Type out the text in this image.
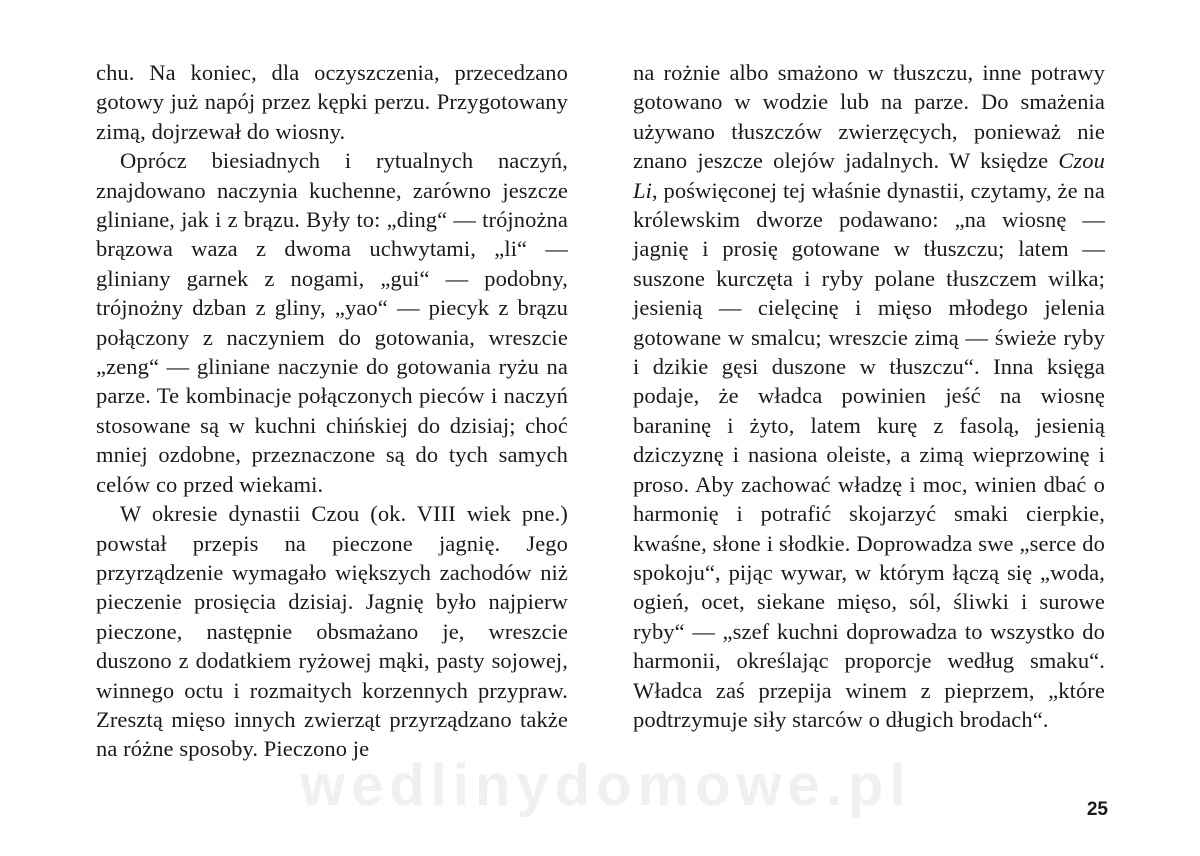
chu. Na koniec, dla oczyszczenia, przecedzano gotowy już napój przez kępki perzu. Przygotowany zimą, dojrzewał do wiosny.

Oprócz biesiadnych i rytualnych naczyń, znajdowano naczynia kuchenne, zarówno jeszcze gliniane, jak i z brązu. Były to: „ding“ — trójnożna brązowa waza z dwoma uchwytami, „li“ — gliniany garnek z nogami, „gui“ — podobny, trójnożny dzban z gliny, „yao“ — piecyk z brązu połączony z naczyniem do gotowania, wreszcie „zeng“ — gliniane naczynie do gotowania ryżu na parze. Te kombinacje połączonych pieców i naczyń stosowane są w kuchni chińskiej do dzisiaj; choć mniej ozdobne, przeznaczone są do tych samych celów co przed wiekami.

W okresie dynastii Czou (ok. VIII wiek pne.) powstał przepis na pieczone jagnię. Jego przyrządzenie wymagało większych zachodów niż pieczenie prosięcia dzisiaj. Jagnię było najpierw pieczone, następnie obsmażano je, wreszcie duszono z dodatkiem ryżowej mąki, pasty sojowej, winnego octu i rozmaitych korzennych przypraw. Zresztą mięso innych zwierząt przyrządzano także na różne sposoby. Pieczono je

na rożnie albo smażono w tłuszczu, inne potrawy gotowano w wodzie lub na parze. Do smażenia używano tłuszczów zwierzęcych, ponieważ nie znano jeszcze olejów jadalnych. W księdze Czou Li, poświęconej tej właśnie dynastii, czytamy, że na królewskim dworze podawano: „na wiosnę — jagnię i prosię gotowane w tłuszczu; latem — suszone kurczęta i ryby polane tłuszczem wilka; jesienią — cielęcinę i mięso młodego jelenia gotowane w smalcu; wreszcie zimą — świeże ryby i dzikie gęsi duszone w tłuszczu“. Inna księga podaje, że władca powinien jeść na wiosnę baraninę i żyto, latem kurę z fasolą, jesienią dziczyznę i nasiona oleiste, a zimą wieprzowinę i proso. Aby zachować władzę i moc, winien dbać o harmonię i potrafić skojarzyć smaki cierpkie, kwaśne, słone i słodkie. Doprowadza swe „serce do spokoju“, pijąc wywar, w którym łączą się „woda, ogień, ocet, siekane mięso, sól, śliwki i surowe ryby“ — „szef kuchni doprowadza to wszystko do harmonii, określając proporcje według smaku“. Władca zaś przepija winem z pieprzem, „które podtrzymuje siły starców o długich brodach“.

wedlinydomowe.pl	25
